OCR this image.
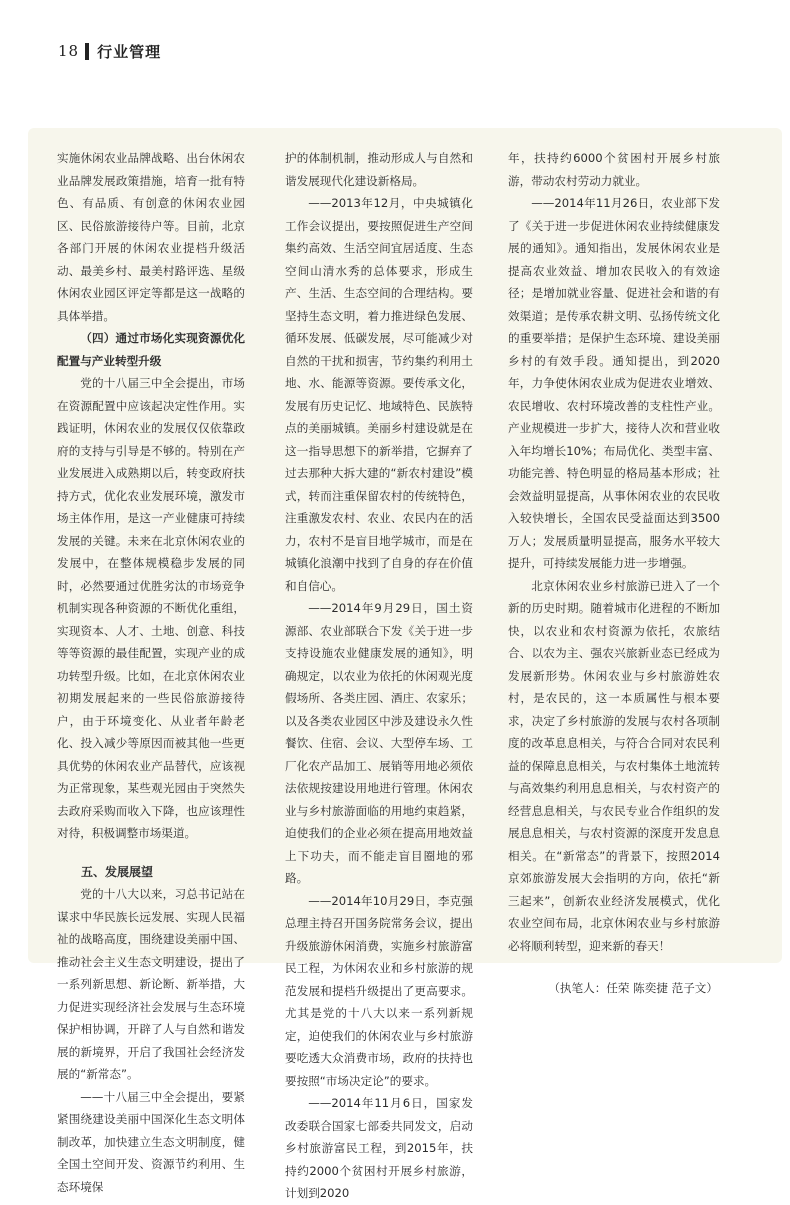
18 行业管理

实施休闲农业品牌战略、出台休闲农业品牌发展政策措施，培育一批有特色、有品质、有创意的休闲农业园区、民俗旅游接待户等。目前，北京各部门开展的休闲农业提档升级活动、最美乡村、最美村路评选、星级休闲农业园区评定等都是这一战略的具体举措。

（四）通过市场化实现资源优化配置与产业转型升级

党的十八届三中全会提出，市场在资源配置中应该起决定性作用。实践证明，休闲农业的发展仅仅依靠政府的支持与引导是不够的。特别在产业发展进入成熟期以后，转变政府扶持方式，优化农业发展环境，激发市场主体作用，是这一产业健康可持续发展的关键。未来在北京休闲农业的发展中，在整体规模稳步发展的同时，必然要通过优胜劣汰的市场竞争机制实现各种资源的不断优化重组，实现资本、人才、土地、创意、科技等等资源的最佳配置，实现产业的成功转型升级。比如，在北京休闲农业初期发展起来的一些民俗旅游接待户，由于环境变化、从业者年龄老化、投入减少等原因而被其他一些更具优势的休闲农业产品替代，应该视为正常现象，某些观光园由于突然失去政府采购而收入下降，也应该理性对待，积极调整市场渠道。

五、发展展望

党的十八大以来，习总书记站在谋求中华民族长远发展、实现人民福祉的战略高度，围绕建设美丽中国、推动社会主义生态文明建设，提出了一系列新思想、新论断、新举措，大力促进实现经济社会发展与生态环境保护相协调，开辟了人与自然和谐发展的新境界，开启了我国社会经济发展的“新常态”。

——十八届三中全会提出，要紧紧围绕建设美丽中国深化生态文明体制改革，加快建立生态文明制度，健全国土空间开发、资源节约利用、生态环境保

护的体制机制，推动形成人与自然和谐发展现代化建设新格局。

——2013年12月，中央城镇化工作会议提出，要按照促进生产空间集约高效、生活空间宜居适度、生态空间山清水秀的总体要求，形成生产、生活、生态空间的合理结构。要坚持生态文明，着力推进绿色发展、循环发展、低碳发展，尽可能减少对自然的干扰和损害，节约集约利用土地、水、能源等资源。要传承文化，发展有历史记忆、地域特色、民族特点的美丽城镇。美丽乡村建设就是在这一指导思想下的新举措，它摒弃了过去那种大拆大建的“新农村建设”模式，转而注重保留农村的传统特色，注重激发农村、农业、农民内在的活力，农村不是盲目地学城市，而是在城镇化浪潮中找到了自身的存在价值和自信心。

——2014年9月29日，国土资源部、农业部联合下发《关于进一步支持设施农业健康发展的通知》，明确规定，以农业为依托的休闲观光度假场所、各类庄园、酒庄、农家乐；以及各类农业园区中涉及建设永久性餐饮、住宿、会议、大型停车场、工厂化农产品加工、展销等用地必须依法依规按建设用地进行管理。休闲农业与乡村旅游面临的用地约束趋紧，迫使我们的企业必须在提高用地效益上下功夫，而不能走盲目圈地的邪路。

——2014年10月29日，李克强总理主持召开国务院常务会议，提出升级旅游休闲消费，实施乡村旅游富民工程，为休闲农业和乡村旅游的规范发展和提档升级提出了更高要求。尤其是党的十八大以来一系列新规定，迫使我们的休闲农业与乡村旅游要吃透大众消费市场，政府的扶持也要按照“市场决定论”的要求。

——2014年11月6日，国家发改委联合国家七部委共同发文，启动乡村旅游富民工程，到2015年，扶持约2000个贫困村开展乡村旅游，计划到2020

年，扶持约6000个贫困村开展乡村旅游，带动农村劳动力就业。

——2014年11月26日，农业部下发了《关于进一步促进休闲农业持续健康发展的通知》。通知指出，发展休闲农业是提高农业效益、增加农民收入的有效途径；是增加就业容量、促进社会和谐的有效渠道；是传承农耕文明、弘扬传统文化的重要举措；是保护生态环境、建设美丽乡村的有效手段。通知提出，到2020年，力争使休闲农业成为促进农业增效、农民增收、农村环境改善的支柱性产业。产业规模进一步扩大，接待人次和营业收入年均增长10%；布局优化、类型丰富、功能完善、特色明显的格局基本形成；社会效益明显提高，从事休闲农业的农民收入较快增长，全国农民受益面达到3500万人；发展质量明显提高，服务水平较大提升，可持续发展能力进一步增强。

北京休闲农业乡村旅游已进入了一个新的历史时期。随着城市化进程的不断加快，以农业和农村资源为依托，农旅结合、以农为主、强农兴旅新业态已经成为发展新形势。休闲农业与乡村旅游姓农村，是农民的，这一本质属性与根本要求，决定了乡村旅游的发展与农村各项制度的改革息息相关，与符合合同对农民利益的保障息息相关，与农村集体土地流转与高效集约利用息息相关，与农村资产的经营息息相关，与农民专业合作组织的发展息息相关，与农村资源的深度开发息息相关。在“新常态”的背景下，按照2014京郊旅游发展大会指明的方向，依托“新三起来”，创新农业经济发展模式，优化农业空间布局，北京休闲农业与乡村旅游必将顺利转型，迎来新的春天！

（执笔人：任荣 陈奕捷 范子文）
